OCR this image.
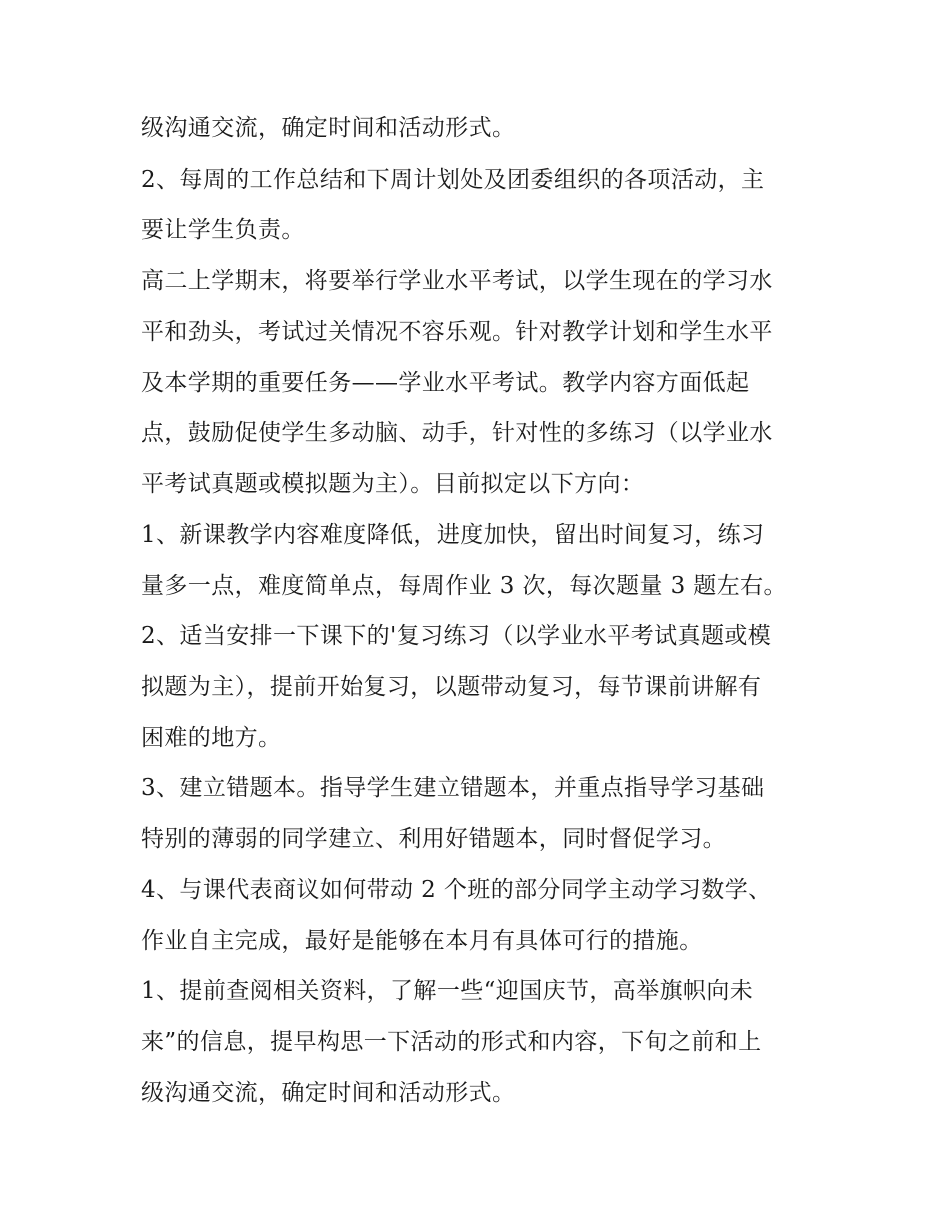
级沟通交流，确定时间和活动形式。
2、每周的工作总结和下周计划处及团委组织的各项活动，主
要让学生负责。
高二上学期末，将要举行学业水平考试，以学生现在的学习水
平和劲头，考试过关情况不容乐观。针对教学计划和学生水平
及本学期的重要任务——学业水平考试。教学内容方面低起
点，鼓励促使学生多动脑、动手，针对性的多练习（以学业水
平考试真题或模拟题为主）。目前拟定以下方向：
1、新课教学内容难度降低，进度加快，留出时间复习，练习
量多一点，难度简单点，每周作业 3 次，每次题量 3 题左右。
2、适当安排一下课下的'复习练习（以学业水平考试真题或模
拟题为主），提前开始复习，以题带动复习，每节课前讲解有
困难的地方。
3、建立错题本。指导学生建立错题本，并重点指导学习基础
特别的薄弱的同学建立、利用好错题本，同时督促学习。
4、与课代表商议如何带动 2 个班的部分同学主动学习数学、
作业自主完成，最好是能够在本月有具体可行的措施。
1、提前查阅相关资料，了解一些“迎国庆节，高举旗帜向未
来”的信息，提早构思一下活动的形式和内容，下旬之前和上
级沟通交流，确定时间和活动形式。
